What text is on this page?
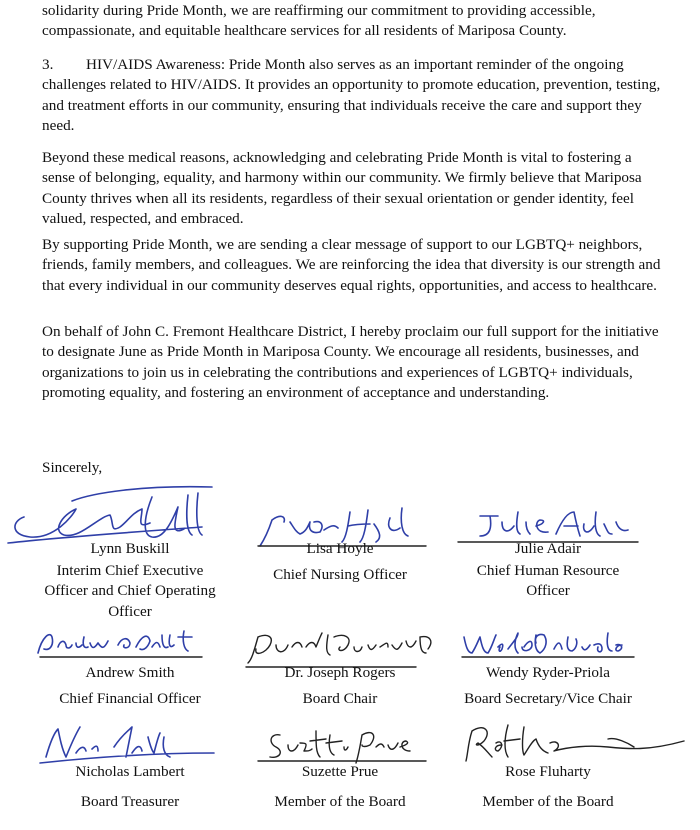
solidarity during Pride Month, we are reaffirming our commitment to providing accessible, compassionate, and equitable healthcare services for all residents of Mariposa County.

3. HIV/AIDS Awareness: Pride Month also serves as an important reminder of the ongoing challenges related to HIV/AIDS. It provides an opportunity to promote education, prevention, testing, and treatment efforts in our community, ensuring that individuals receive the care and support they need.

Beyond these medical reasons, acknowledging and celebrating Pride Month is vital to fostering a sense of belonging, equality, and harmony within our community. We firmly believe that Mariposa County thrives when all its residents, regardless of their sexual orientation or gender identity, feel valued, respected, and embraced.

By supporting Pride Month, we are sending a clear message of support to our LGBTQ+ neighbors, friends, family members, and colleagues. We are reinforcing the idea that diversity is our strength and that every individual in our community deserves equal rights, opportunities, and access to healthcare.

On behalf of John C. Fremont Healthcare District, I hereby proclaim our full support for the initiative to designate June as Pride Month in Mariposa County. We encourage all residents, businesses, and organizations to join us in celebrating the contributions and experiences of LGBTQ+ individuals, promoting equality, and fostering an environment of acceptance and understanding.

Sincerely,

Lynn Buskill
Interim Chief Executive Officer and Chief Operating Officer
Lisa Hoyle
Chief Nursing Officer
Julie Adair
Chief Human Resource Officer
Andrew Smith
Chief Financial Officer
Dr. Joseph Rogers
Board Chair
Wendy Ryder-Priola
Board Secretary/Vice Chair
Nicholas Lambert
Board Treasurer
Suzette Prue
Member of the Board
Rose Fluharty
Member of the Board
